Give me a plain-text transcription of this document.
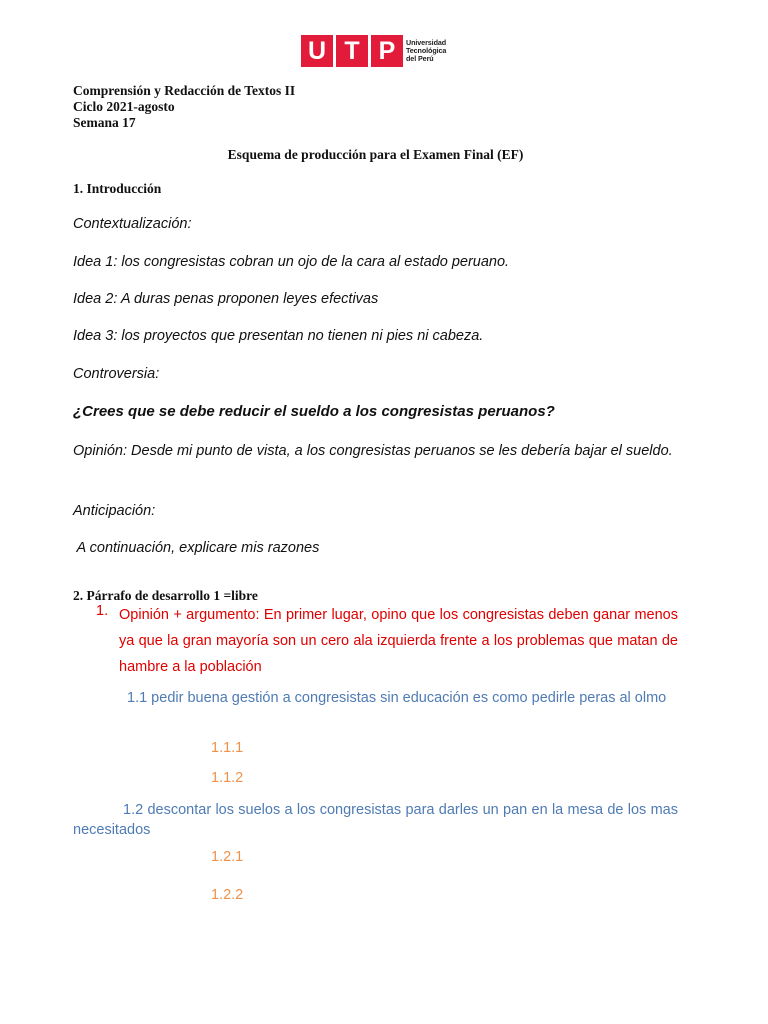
U T P	Universidad
Tecnológica
del Perú
Comprensión y Redacción de Textos II
Ciclo 2021-agosto
Semana 17
Esquema de producción para el Examen Final (EF)
1. Introducción
Contextualización:
Idea 1: los congresistas cobran un ojo de la cara al estado peruano.
Idea 2: A duras penas proponen leyes efectivas
Idea 3: los proyectos que presentan no tienen ni pies ni cabeza.
Controversia:
¿Crees que se debe reducir el sueldo a los congresistas peruanos?
Opinión: Desde mi punto de vista, a los congresistas peruanos se les debería bajar el sueldo.
Anticipación:
A continuación, explicare mis razones
2. Párrafo de desarrollo 1 =libre
1. Opinión + argumento: En primer lugar, opino que los congresistas deben ganar menos ya que la gran mayoría son un cero ala izquierda frente a los problemas que matan de hambre a la población
1.1 pedir buena gestión a congresistas sin educación es como pedirle peras al olmo
1.1.1
1.1.2
1.2 descontar los suelos a los congresistas para darles un pan en la mesa de los mas necesitados
1.2.1
1.2.2
